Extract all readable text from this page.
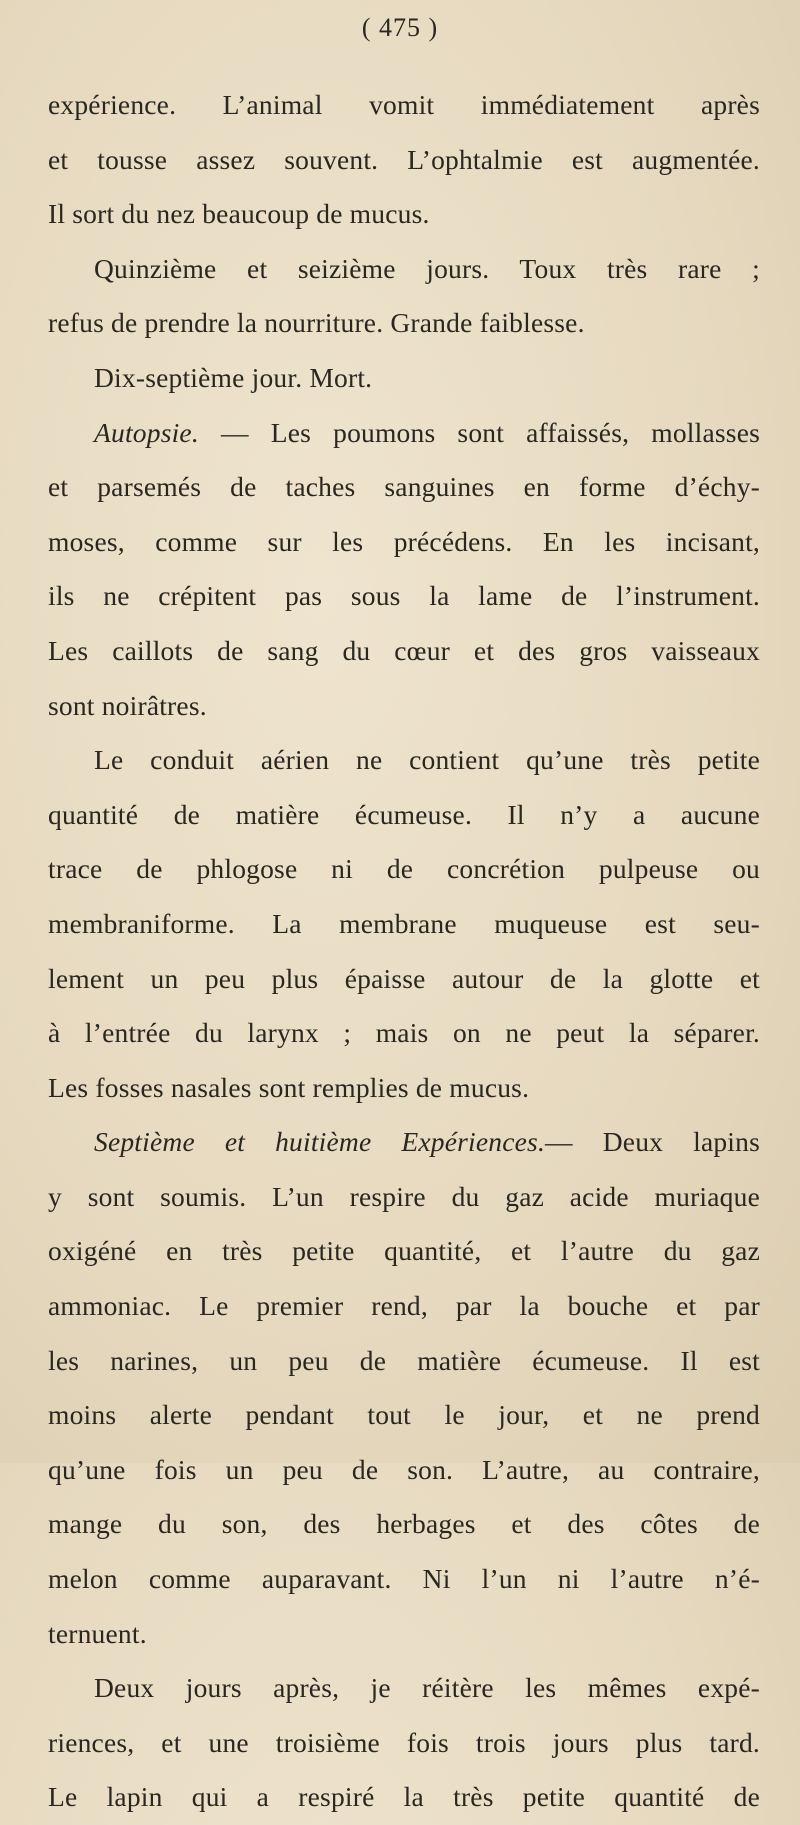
( 475 )
expérience. L’animal vomit immédiatement après
et tousse assez souvent. L’ophtalmie est augmentée.
Il sort du nez beaucoup de mucus.
Quinzième et seizième jours. Toux très rare ;
refus de prendre la nourriture. Grande faiblesse.
Dix-septième jour. Mort.
Autopsie. — Les poumons sont affaissés, mollasses
et parsemés de taches sanguines en forme d’échy-
moses, comme sur les précédens. En les incisant,
ils ne crépitent pas sous la lame de l’instrument.
Les caillots de sang du cœur et des gros vaisseaux
sont noirâtres.
Le conduit aérien ne contient qu’une très petite
quantité de matière écumeuse. Il n’y a aucune
trace de phlogose ni de concrétion pulpeuse ou
membraniforme. La membrane muqueuse est seu-
lement un peu plus épaisse autour de la glotte et
à l’entrée du larynx ; mais on ne peut la séparer.
Les fosses nasales sont remplies de mucus.
Septième et huitième Expériences.— Deux lapins
y sont soumis. L’un respire du gaz acide muriaque
oxigéné en très petite quantité, et l’autre du gaz
ammoniac. Le premier rend, par la bouche et par
les narines, un peu de matière écumeuse. Il est
moins alerte pendant tout le jour, et ne prend
qu’une fois un peu de son. L’autre, au contraire,
mange du son, des herbages et des côtes de
melon comme auparavant. Ni l’un ni l’autre n’é-
ternuent.
Deux jours après, je réitère les mêmes expé-
riences, et une troisième fois trois jours plus tard.
Le lapin qui a respiré la très petite quantité de
